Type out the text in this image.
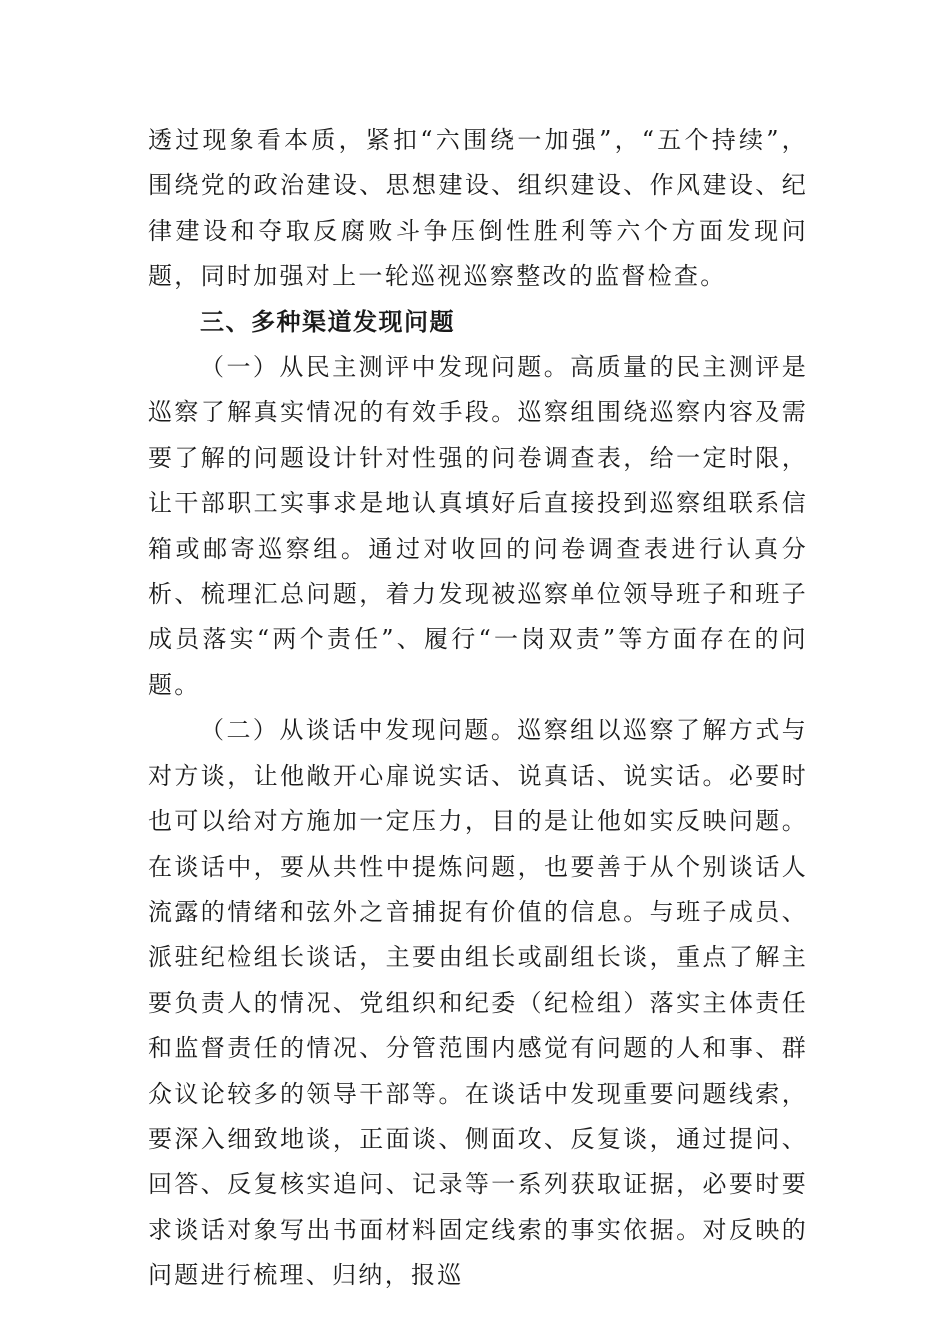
透过现象看本质，紧扣“六围绕一加强”，“五个持续”，围绕党的政治建设、思想建设、组织建设、作风建设、纪律建设和夺取反腐败斗争压倒性胜利等六个方面发现问题，同时加强对上一轮巡视巡察整改的监督检查。

三、多种渠道发现问题

（一）从民主测评中发现问题。高质量的民主测评是巡察了解真实情况的有效手段。巡察组围绕巡察内容及需要了解的问题设计针对性强的问卷调查表，给一定时限，让干部职工实事求是地认真填好后直接投到巡察组联系信箱或邮寄巡察组。通过对收回的问卷调查表进行认真分析、梳理汇总问题，着力发现被巡察单位领导班子和班子成员落实“两个责任”、履行“一岗双责”等方面存在的问题。

（二）从谈话中发现问题。巡察组以巡察了解方式与对方谈，让他敞开心扉说实话、说真话、说实话。必要时也可以给对方施加一定压力，目的是让他如实反映问题。在谈话中，要从共性中提炼问题，也要善于从个别谈话人流露的情绪和弦外之音捕捉有价值的信息。与班子成员、派驻纪检组长谈话，主要由组长或副组长谈，重点了解主要负责人的情况、党组织和纪委（纪检组）落实主体责任和监督责任的情况、分管范围内感觉有问题的人和事、群众议论较多的领导干部等。在谈话中发现重要问题线索，要深入细致地谈，正面谈、侧面攻、反复谈，通过提问、回答、反复核实追问、记录等一系列获取证据，必要时要求谈话对象写出书面材料固定线索的事实依据。对反映的问题进行梳理、归纳，报巡
